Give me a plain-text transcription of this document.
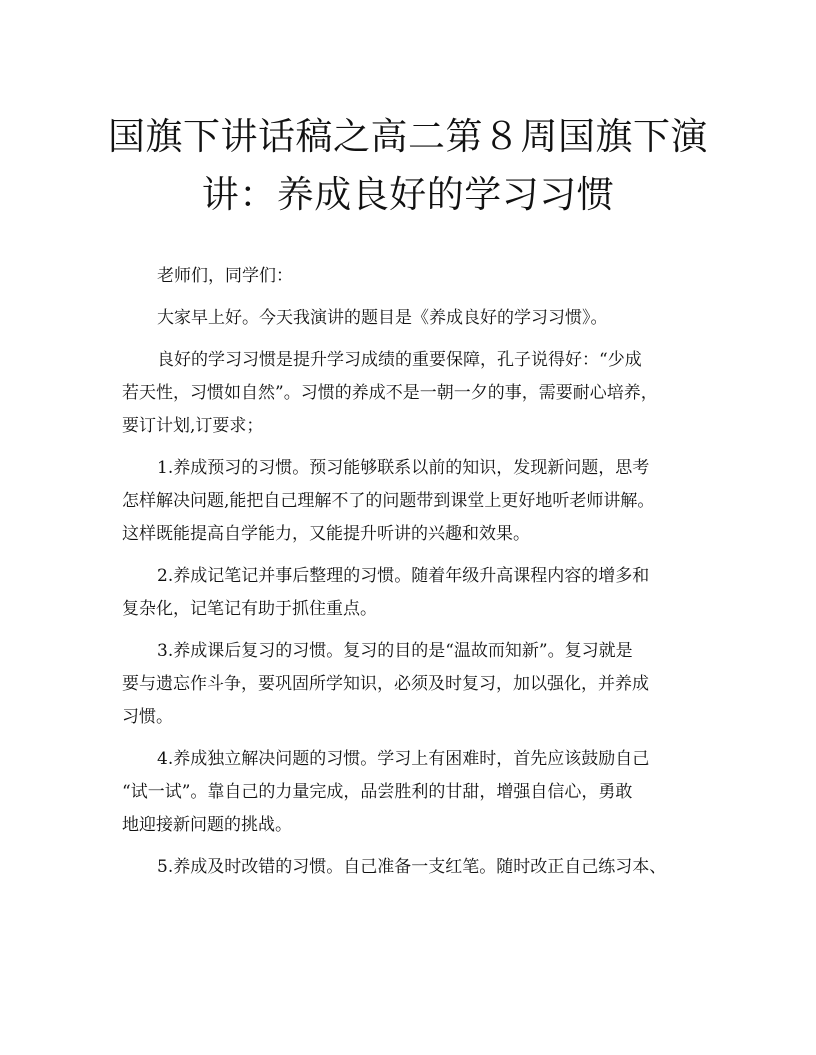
国旗下讲话稿之高二第８周国旗下演
讲：养成良好的学习习惯

老师们，同学们：

大家早上好。今天我演讲的题目是《养成良好的学习习惯》。

良好的学习习惯是提升学习成绩的重要保障，孔子说得好：“少成
若天性，习惯如自然”。习惯的养成不是一朝一夕的事，需要耐心培养，
要订计划,订要求；

1.养成预习的习惯。预习能够联系以前的知识，发现新问题，思考
怎样解决问题,能把自己理解不了的问题带到课堂上更好地听老师讲解。
这样既能提高自学能力，又能提升听讲的兴趣和效果。

2.养成记笔记并事后整理的习惯。随着年级升高课程内容的增多和
复杂化，记笔记有助于抓住重点。

3.养成课后复习的习惯。复习的目的是“温故而知新”。复习就是
要与遗忘作斗争，要巩固所学知识，必须及时复习，加以强化，并养成
习惯。

4.养成独立解决问题的习惯。学习上有困难时，首先应该鼓励自己
“试一试”。靠自己的力量完成，品尝胜利的甘甜，增强自信心，勇敢
地迎接新问题的挑战。

5.养成及时改错的习惯。自己准备一支红笔。随时改正自己练习本、
